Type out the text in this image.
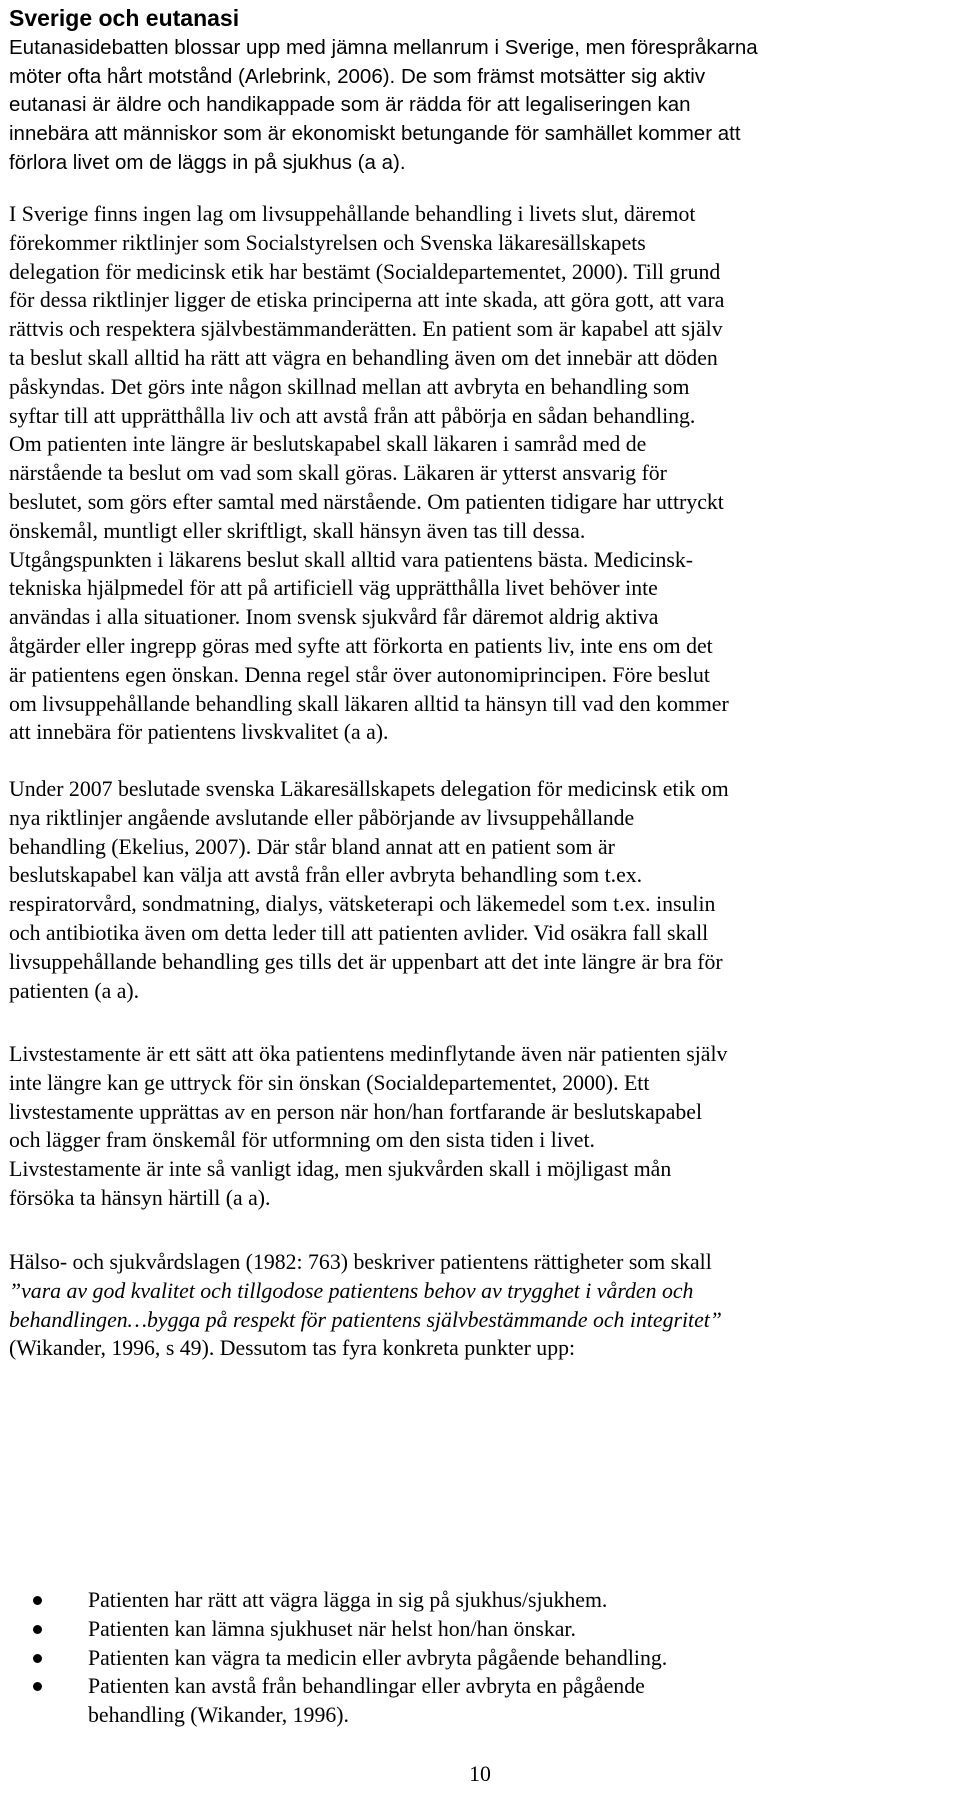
Sverige och eutanasi

Eutanasidebatten blossar upp med jämna mellanrum i Sverige, men förespråkarna
möter ofta hårt motstånd (Arlebrink, 2006). De som främst motsätter sig aktiv
eutanasi är äldre och handikappade som är rädda för att legaliseringen kan
innebära att människor som är ekonomiskt betungande för samhället kommer att
förlora livet om de läggs in på sjukhus (a a).

I Sverige finns ingen lag om livsuppehållande behandling i livets slut, däremot
förekommer riktlinjer som Socialstyrelsen och Svenska läkaresällskapets
delegation för medicinsk etik har bestämt (Socialdepartementet, 2000). Till grund
för dessa riktlinjer ligger de etiska principerna att inte skada, att göra gott, att vara
rättvis och respektera självbestämmanderätten. En patient som är kapabel att själv
ta beslut skall alltid ha rätt att vägra en behandling även om det innebär att döden
påskyndas. Det görs inte någon skillnad mellan att avbryta en behandling som
syftar till att upprätthålla liv och att avstå från att påbörja en sådan behandling.
Om patienten inte längre är beslutskapabel skall läkaren i samråd med de
närstående ta beslut om vad som skall göras. Läkaren är ytterst ansvarig för
beslutet, som görs efter samtal med närstående. Om patienten tidigare har uttryckt
önskemål, muntligt eller skriftligt, skall hänsyn även tas till dessa.
Utgångspunkten i läkarens beslut skall alltid vara patientens bästa. Medicinsk-
tekniska hjälpmedel för att på artificiell väg upprätthålla livet behöver inte
användas i alla situationer. Inom svensk sjukvård får däremot aldrig aktiva
åtgärder eller ingrepp göras med syfte att förkorta en patients liv, inte ens om det
är patientens egen önskan. Denna regel står över autonomiprincipen. Före beslut
om livsuppehållande behandling skall läkaren alltid ta hänsyn till vad den kommer
att innebära för patientens livskvalitet (a a).

Under 2007 beslutade svenska Läkaresällskapets delegation för medicinsk etik om
nya riktlinjer angående avslutande eller påbörjande av livsuppehållande
behandling (Ekelius, 2007). Där står bland annat att en patient som är
beslutskapabel kan välja att avstå från eller avbryta behandling som t.ex.
respiratorvård, sondmatning, dialys, vätsketerapi och läkemedel som t.ex. insulin
och antibiotika även om detta leder till att patienten avlider. Vid osäkra fall skall
livsuppehållande behandling ges tills det är uppenbart att det inte längre är bra för
patienten (a a).

Livstestamente är ett sätt att öka patientens medinflytande även när patienten själv
inte längre kan ge uttryck för sin önskan (Socialdepartementet, 2000). Ett
livstestamente upprättas av en person när hon/han fortfarande är beslutskapabel
och lägger fram önskemål för utformning om den sista tiden i livet.
Livstestamente är inte så vanligt idag, men sjukvården skall i möjligast mån
försöka ta hänsyn härtill (a a).

Hälso- och sjukvårdslagen (1982: 763) beskriver patientens rättigheter som skall
”vara av god kvalitet och tillgodose patientens behov av trygghet i vården och
behandlingen…bygga på respekt för patientens självbestämmande och integritet”
(Wikander, 1996, s 49). Dessutom tas fyra konkreta punkter upp:

Patienten har rätt att vägra lägga in sig på sjukhus/sjukhem.
Patienten kan lämna sjukhuset när helst hon/han önskar.
Patienten kan vägra ta medicin eller avbryta pågående behandling.
Patienten kan avstå från behandlingar eller avbryta en pågående
behandling (Wikander, 1996).

10
